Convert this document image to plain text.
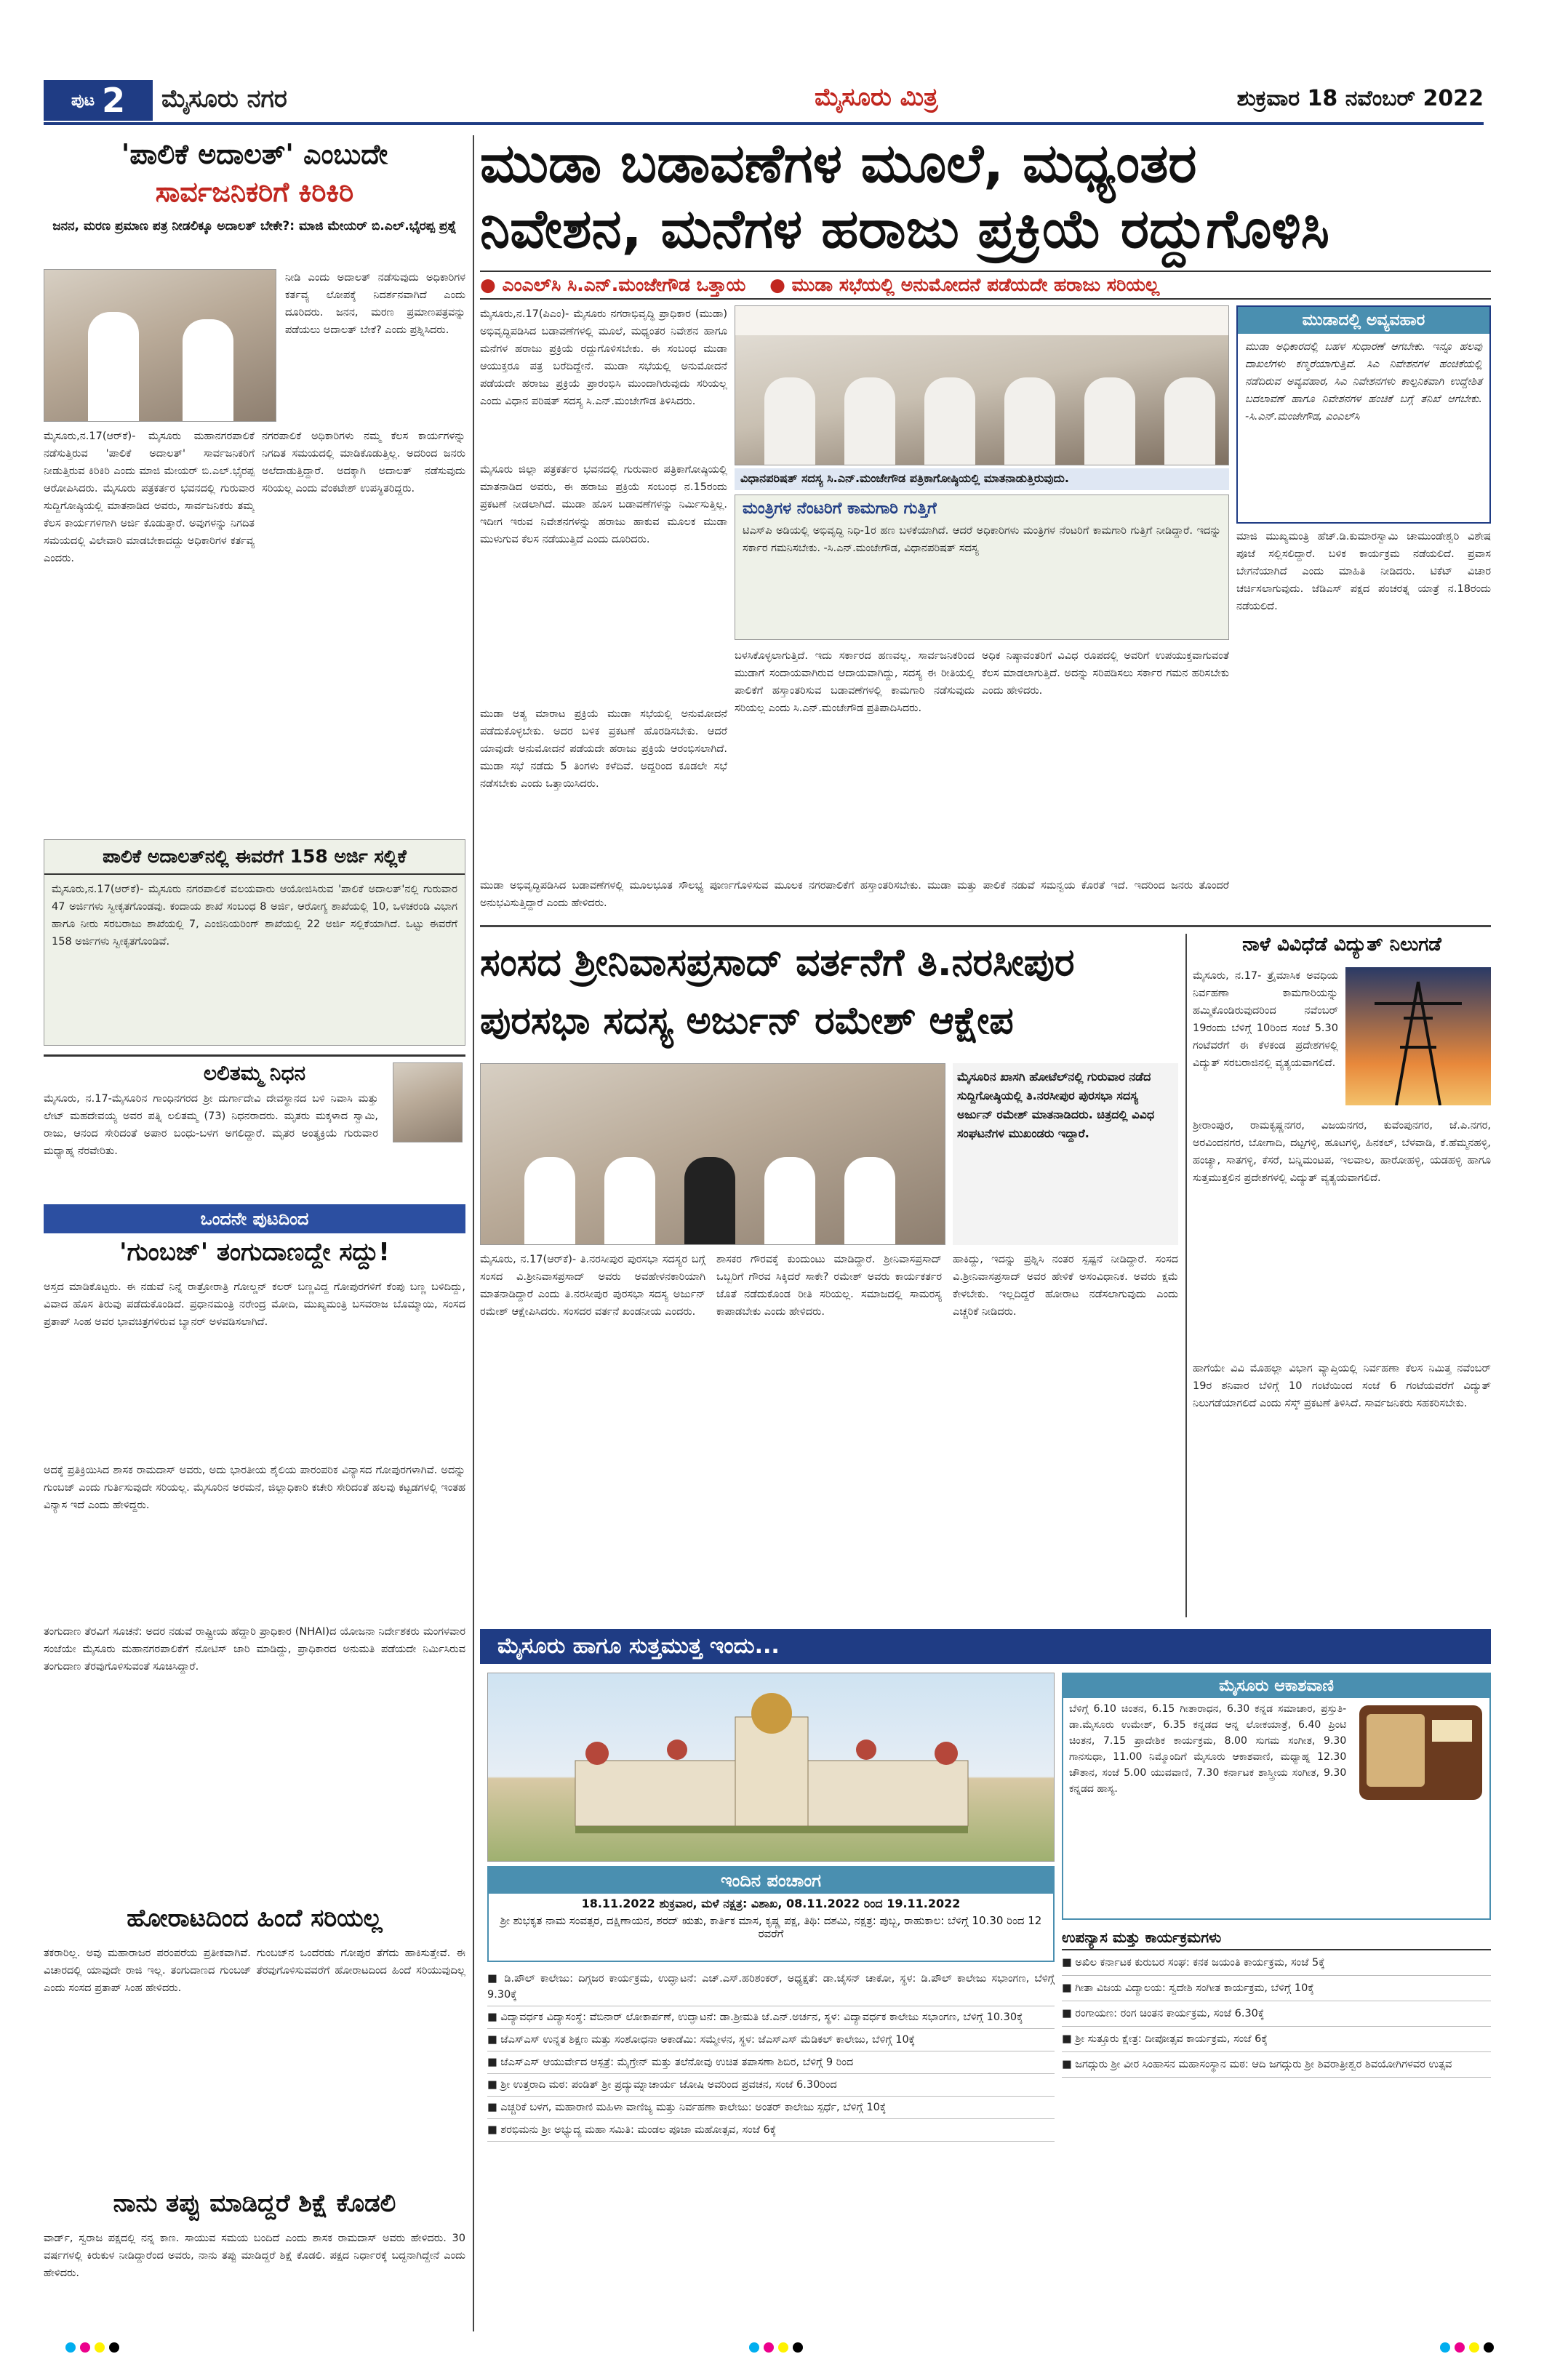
ಪುಟ 2 ಮೈಸೂರು ನಗರ	ಮೈಸೂರು ಮಿತ್ರ	ಶುಕ್ರವಾರ 18 ನವೆಂಬರ್ 2022
'ಪಾಲಿಕೆ ಅದಾಲತ್' ಎಂಬುದೇ
ಸಾರ್ವಜನಿಕರಿಗೆ ಕಿರಿಕಿರಿ
ಜನನ, ಮರಣ ಪ್ರಮಾಣ ಪತ್ರ ನೀಡಲಿಕ್ಕೂ ಅದಾಲತ್ ಬೇಕೇ?: ಮಾಜಿ ಮೇಯರ್ ಬಿ.ಎಲ್.ಭೈರಪ್ಪ ಪ್ರಶ್ನೆ
ನೀಡಿ ಎಂದು ಅದಾಲತ್ ನಡೆಸುವುದು ಅಧಿಕಾರಿಗಳ ಕರ್ತವ್ಯ ಲೋಪಕ್ಕೆ ನಿದರ್ಶನವಾಗಿದೆ ಎಂದು ದೂರಿದರು. ಜನನ, ಮರಣ ಪ್ರಮಾಣಪತ್ರವನ್ನು ಪಡೆಯಲು ಅದಾಲತ್ ಬೇಕೆ? ಎಂದು ಪ್ರಶ್ನಿಸಿದರು.
ಮೈಸೂರು,ನ.17(ಆರ್‌ಕೆ)- ಮೈಸೂರು ಮಹಾನಗರಪಾಲಿಕೆ ನಡೆಸುತ್ತಿರುವ 'ಪಾಲಿಕೆ ಅದಾಲತ್' ಸಾರ್ವಜನಿಕರಿಗೆ ನೀಡುತ್ತಿರುವ ಕಿರಿಕಿರಿ ಎಂದು ಮಾಜಿ ಮೇಯರ್ ಬಿ.ಎಲ್.ಭೈರಪ್ಪ ಆರೋಪಿಸಿದರು. ಮೈಸೂರು ಪತ್ರಕರ್ತರ ಭವನದಲ್ಲಿ ಗುರುವಾರ ಸುದ್ದಿಗೋಷ್ಠಿಯಲ್ಲಿ ಮಾತನಾಡಿದ ಅವರು, ಸಾರ್ವಜನಿಕರು ತಮ್ಮ ಕೆಲಸ ಕಾರ್ಯಗಳಿಗಾಗಿ ಅರ್ಜಿ ಕೊಡುತ್ತಾರೆ. ಅವುಗಳನ್ನು ನಿಗದಿತ ಸಮಯದಲ್ಲಿ ವಿಲೇವಾರಿ ಮಾಡಬೇಕಾದದ್ದು ಅಧಿಕಾರಿಗಳ ಕರ್ತವ್ಯ ಎಂದರು.
ನಗರಪಾಲಿಕೆ ಅಧಿಕಾರಿಗಳು ನಮ್ಮ ಕೆಲಸ ಕಾರ್ಯಗಳನ್ನು ನಿಗದಿತ ಸಮಯದಲ್ಲಿ ಮಾಡಿಕೊಡುತ್ತಿಲ್ಲ. ಅದರಿಂದ ಜನರು ಅಲೆದಾಡುತ್ತಿದ್ದಾರೆ. ಅದಕ್ಕಾಗಿ ಅದಾಲತ್ ನಡೆಸುವುದು ಸರಿಯಲ್ಲ ಎಂದು ವೆಂಕಟೇಶ್ ಉಪಸ್ಥಿತರಿದ್ದರು.
ಪಾಲಿಕೆ ಅದಾಲತ್‌ನಲ್ಲಿ ಈವರೆಗೆ 158 ಅರ್ಜಿ ಸಲ್ಲಿಕೆ
ಮೈಸೂರು,ನ.17(ಆರ್‌ಕೆ)- ಮೈಸೂರು ನಗರಪಾಲಿಕೆ ವಲಯವಾರು ಆಯೋಜಿಸಿರುವ 'ಪಾಲಿಕೆ ಅದಾಲತ್'ನಲ್ಲಿ ಗುರುವಾರ 47 ಅರ್ಜಿಗಳು ಸ್ವೀಕೃತಗೊಂಡವು. ಕಂದಾಯ ಶಾಖೆ ಸಂಬಂಧ 8 ಅರ್ಜಿ, ಆರೋಗ್ಯ ಶಾಖೆಯಲ್ಲಿ 10, ಒಳಚರಂಡಿ ವಿಭಾಗ ಹಾಗೂ ನೀರು ಸರಬರಾಜು ಶಾಖೆಯಲ್ಲಿ 7, ಎಂಜಿನಿಯರಿಂಗ್ ಶಾಖೆಯಲ್ಲಿ 22 ಅರ್ಜಿ ಸಲ್ಲಿಕೆಯಾಗಿದೆ. ಒಟ್ಟು ಈವರೆಗೆ 158 ಅರ್ಜಿಗಳು ಸ್ವೀಕೃತಗೊಂಡಿವೆ.
ಲಲಿತಮ್ಮ ನಿಧನ
ಮೈಸೂರು, ನ.17-ಮೈಸೂರಿನ ಗಾಂಧಿನಗರದ ಶ್ರೀ ದುರ್ಗಾದೇವಿ ದೇವಸ್ಥಾನದ ಬಳಿ ನಿವಾಸಿ ಮತ್ತು ಲೇಟ್ ಮಹದೇವಯ್ಯ ಅವರ ಪತ್ನಿ ಲಲಿತಮ್ಮ (73) ನಿಧನರಾದರು. ಮೃತರು ಮಕ್ಕಳಾದ ಸ್ವಾಮಿ, ರಾಜು, ಆನಂದ ಸೇರಿದಂತೆ ಅಪಾರ ಬಂಧು-ಬಳಗ ಅಗಲಿದ್ದಾರೆ. ಮೃತರ ಅಂತ್ಯಕ್ರಿಯೆ ಗುರುವಾರ ಮಧ್ಯಾಹ್ನ ನೆರವೇರಿತು.
ಒಂದನೇ ಪುಟದಿಂದ
'ಗುಂಬಜ್' ತಂಗುದಾಣದ್ದೇ ಸದ್ದು!
ಅಸ್ತದ ಮಾಡಿಕೊಟ್ಟರು. ಈ ನಡುವೆ ನಿನ್ನೆ ರಾತ್ರೋರಾತ್ರಿ ಗೋಲ್ಡನ್ ಕಲರ್ ಬಣ್ಣವಿದ್ದ ಗೋಪುರಗಳಿಗೆ ಕೆಂಪು ಬಣ್ಣ ಬಳಿದಿದ್ದು, ವಿವಾದ ಹೊಸ ತಿರುವು ಪಡೆದುಕೊಂಡಿದೆ. ಪ್ರಧಾನಮಂತ್ರಿ ನರೇಂದ್ರ ಮೋದಿ, ಮುಖ್ಯಮಂತ್ರಿ ಬಸವರಾಜ ಬೊಮ್ಮಾಯಿ, ಸಂಸದ ಪ್ರತಾಪ್ ಸಿಂಹ ಅವರ ಭಾವಚಿತ್ರಗಳಿರುವ ಬ್ಯಾನರ್ ಅಳವಡಿಸಲಾಗಿದೆ.
ಅದಕ್ಕೆ ಪ್ರತಿಕ್ರಿಯಿಸಿದ ಶಾಸಕ ರಾಮದಾಸ್ ಅವರು, ಅದು ಭಾರತೀಯ ಶೈಲಿಯ ಪಾರಂಪರಿಕ ವಿನ್ಯಾಸದ ಗೋಪುರಗಳಾಗಿವೆ. ಅದನ್ನು ಗುಂಬಜ್ ಎಂದು ಗುರ್ತಿಸುವುದೇ ಸರಿಯಲ್ಲ. ಮೈಸೂರಿನ ಅರಮನೆ, ಜಿಲ್ಲಾಧಿಕಾರಿ ಕಚೇರಿ ಸೇರಿದಂತೆ ಹಲವು ಕಟ್ಟಡಗಳಲ್ಲಿ ಇಂತಹ ವಿನ್ಯಾಸ ಇದೆ ಎಂದು ಹೇಳಿದ್ದರು.
ತಂಗುದಾಣ ತೆರವಿಗೆ ಸೂಚನೆ: ಅದರ ನಡುವೆ ರಾಷ್ಟ್ರೀಯ ಹೆದ್ದಾರಿ ಪ್ರಾಧಿಕಾರ (NHAI)ದ ಯೋಜನಾ ನಿರ್ದೇಶಕರು ಮಂಗಳವಾರ ಸಂಜೆಯೇ ಮೈಸೂರು ಮಹಾನಗರಪಾಲಿಕೆಗೆ ನೋಟಿಸ್ ಜಾರಿ ಮಾಡಿದ್ದು, ಪ್ರಾಧಿಕಾರದ ಅನುಮತಿ ಪಡೆಯದೇ ನಿರ್ಮಿಸಿರುವ ತಂಗುದಾಣ ತೆರವುಗೊಳಿಸುವಂತೆ ಸೂಚಿಸಿದ್ದಾರೆ.
ಹೋರಾಟದಿಂದ ಹಿಂದೆ ಸರಿಯಲ್ಲ
ತಕರಾರಿಲ್ಲ. ಅವು ಮಹಾರಾಜರ ಪರಂಪರೆಯ ಪ್ರತೀಕವಾಗಿವೆ. ಗುಂಬಜ್‌ನ ಒಂದೆರಡು ಗೋಪುರ ತೆಗೆದು ಹಾಕಿಸುತ್ತೇವೆ. ಈ ವಿಚಾರದಲ್ಲಿ ಯಾವುದೇ ರಾಜಿ ಇಲ್ಲ. ತಂಗುದಾಣದ ಗುಂಬಜ್ ತೆರವುಗೊಳಿಸುವವರೆಗೆ ಹೋರಾಟದಿಂದ ಹಿಂದೆ ಸರಿಯುವುದಿಲ್ಲ ಎಂದು ಸಂಸದ ಪ್ರತಾಪ್ ಸಿಂಹ ಹೇಳಿದರು.
ನಾನು ತಪ್ಪು ಮಾಡಿದ್ದರೆ ಶಿಕ್ಷೆ ಕೊಡಲಿ
ವಾರ್ಡ್, ಸ್ವರಾಜ ಪಕ್ಷದಲ್ಲಿ ನನ್ನ ಕಾಣ. ಸಾಯುವ ಸಮಯ ಬಂದಿದೆ ಎಂದು ಶಾಸಕ ರಾಮದಾಸ್ ಅವರು ಹೇಳಿದರು. 30 ವರ್ಷಗಳಲ್ಲಿ ಕಿರುಕುಳ ನೀಡಿದ್ದಾರೆಂದ ಅವರು, ನಾನು ತಪ್ಪು ಮಾಡಿದ್ದರೆ ಶಿಕ್ಷೆ ಕೊಡಲಿ. ಪಕ್ಷದ ನಿರ್ಧಾರಕ್ಕೆ ಬದ್ಧನಾಗಿದ್ದೇನೆ ಎಂದು ಹೇಳಿದರು.
ಮುಡಾ ಬಡಾವಣೆಗಳ ಮೂಲೆ, ಮಧ್ಯಂತರ
ನಿವೇಶನ, ಮನೆಗಳ ಹರಾಜು ಪ್ರಕ್ರಿಯೆ ರದ್ದುಗೊಳಿಸಿ
● ಎಂಎಲ್‌ಸಿ ಸಿ.ಎನ್.ಮಂಜೇಗೌಡ ಒತ್ತಾಯ ● ಮುಡಾ ಸಭೆಯಲ್ಲಿ ಅನುಮೋದನೆ ಪಡೆಯದೇ ಹರಾಜು ಸರಿಯಲ್ಲ
ಮೈಸೂರು,ನ.17(ಪಿಎಂ)- ಮೈಸೂರು ನಗರಾಭಿವೃದ್ಧಿ ಪ್ರಾಧಿಕಾರ (ಮುಡಾ) ಅಭಿವೃದ್ಧಿಪಡಿಸಿದ ಬಡಾವಣೆಗಳಲ್ಲಿ ಮೂಲೆ, ಮಧ್ಯಂತರ ನಿವೇಶನ ಹಾಗೂ ಮನೆಗಳ ಹರಾಜು ಪ್ರಕ್ರಿಯೆ ರದ್ದುಗೊಳಿಸಬೇಕು. ಈ ಸಂಬಂಧ ಮುಡಾ ಆಯುಕ್ತರೂ ಪತ್ರ ಬರೆದಿದ್ದೇನೆ. ಮುಡಾ ಸಭೆಯಲ್ಲಿ ಅನುಮೋದನೆ ಪಡೆಯದೇ ಹರಾಜು ಪ್ರಕ್ರಿಯೆ ಪ್ರಾರಂಭಿಸಿ ಮುಂದಾಗಿರುವುದು ಸರಿಯಲ್ಲ ಎಂದು ವಿಧಾನ ಪರಿಷತ್ ಸದಸ್ಯ ಸಿ.ಎನ್.ಮಂಜೇಗೌಡ ತಿಳಿಸಿದರು.
ವಿಧಾನಪರಿಷತ್ ಸದಸ್ಯ ಸಿ.ಎನ್.ಮಂಜೇಗೌಡ ಪತ್ರಿಕಾಗೋಷ್ಠಿಯಲ್ಲಿ ಮಾತನಾಡುತ್ತಿರುವುದು.
ಮೈಸೂರು ಜಿಲ್ಲಾ ಪತ್ರಕರ್ತರ ಭವನದಲ್ಲಿ ಗುರುವಾರ ಪತ್ರಿಕಾಗೋಷ್ಠಿಯಲ್ಲಿ ಮಾತನಾಡಿದ ಅವರು, ಈ ಹರಾಜು ಪ್ರಕ್ರಿಯೆ ಸಂಬಂಧ ನ.15ರಂದು ಪ್ರಕಟಣೆ ನೀಡಲಾಗಿದೆ. ಮುಡಾ ಹೊಸ ಬಡಾವಣೆಗಳನ್ನು ನಿರ್ಮಿಸುತ್ತಿಲ್ಲ. ಇದೀಗ ಇರುವ ನಿವೇಶನಗಳನ್ನು ಹರಾಜು ಹಾಕುವ ಮೂಲಕ ಮುಡಾ ಮುಳುಗುವ ಕೆಲಸ ನಡೆಯುತ್ತಿದೆ ಎಂದು ದೂರಿದರು.
ಮಂತ್ರಿಗಳ ನೆಂಟರಿಗೆ ಕಾಮಗಾರಿ ಗುತ್ತಿಗೆ
ಟಿಎಸ್‌ಪಿ ಅಡಿಯಲ್ಲಿ ಅಭಿವೃದ್ಧಿ ನಿಧಿ-1ರ ಹಣ ಬಳಕೆಯಾಗಿದೆ. ಆದರೆ ಅಧಿಕಾರಿಗಳು ಮಂತ್ರಿಗಳ ನೆಂಟರಿಗೆ ಕಾಮಗಾರಿ ಗುತ್ತಿಗೆ ನೀಡಿದ್ದಾರೆ. ಇದನ್ನು ಸರ್ಕಾರ ಗಮನಿಸಬೇಕು. -ಸಿ.ಎನ್.ಮಂಜೇಗೌಡ, ವಿಧಾನಪರಿಷತ್ ಸದಸ್ಯ
ಮುಡಾ ಅತ್ಯ ಮಾರಾಟ ಪ್ರಕ್ರಿಯೆ ಮುಡಾ ಸಭೆಯಲ್ಲಿ ಅನುಮೋದನೆ ಪಡೆದುಕೊಳ್ಳಬೇಕು. ಅದರ ಬಳಿಕ ಪ್ರಕಟಣೆ ಹೊರಡಿಸಬೇಕು. ಆದರೆ ಯಾವುದೇ ಅನುಮೋದನೆ ಪಡೆಯದೇ ಹರಾಜು ಪ್ರಕ್ರಿಯೆ ಆರಂಭಿಸಲಾಗಿದೆ. ಮುಡಾ ಸಭೆ ನಡೆದು 5 ತಿಂಗಳು ಕಳೆದಿವೆ. ಅದ್ದರಿಂದ ಕೂಡಲೇ ಸಭೆ ನಡೆಸಬೇಕು ಎಂದು ಒತ್ತಾಯಿಸಿದರು.
ಬಳಸಿಕೊಳ್ಳಲಾಗುತ್ತಿದೆ. ಇದು ಸರ್ಕಾರದ ಹಣವಲ್ಲ. ಸಾರ್ವಜನಿಕರಿಂದ ಮುಡಾಗೆ ಸಂದಾಯವಾಗಿರುವ ಆದಾಯವಾಗಿದ್ದು, ಸದಸ್ಯ ಈ ರೀತಿಯಲ್ಲಿ ಪಾಲಿಕೆಗೆ ಹಸ್ತಾಂತರಿಸುವ ಬಡಾವಣೆಗಳಲ್ಲಿ ಕಾಮಗಾರಿ ನಡೆಸುವುದು ಸರಿಯಲ್ಲ ಎಂದು ಸಿ.ಎನ್.ಮಂಜೇಗೌಡ ಪ್ರತಿಪಾದಿಸಿದರು.
ಅಧಿಕ ನಿಷ್ಠಾವಂತರಿಗೆ ವಿವಿಧ ರೂಪದಲ್ಲಿ ಅವರಿಗೆ ಉಪಯುಕ್ತವಾಗುವಂತೆ ಕೆಲಸ ಮಾಡಲಾಗುತ್ತಿದೆ. ಅದನ್ನು ಸರಿಪಡಿಸಲು ಸರ್ಕಾರ ಗಮನ ಹರಿಸಬೇಕು ಎಂದು ಹೇಳಿದರು.
ಮುಡಾ ಅಭಿವೃದ್ಧಿಪಡಿಸಿದ ಬಡಾವಣೆಗಳಲ್ಲಿ ಮೂಲಭೂತ ಸೌಲಭ್ಯ ಪೂರ್ಣಗೊಳಿಸುವ ಮೂಲಕ ನಗರಪಾಲಿಕೆಗೆ ಹಸ್ತಾಂತರಿಸಬೇಕು. ಮುಡಾ ಮತ್ತು ಪಾಲಿಕೆ ನಡುವೆ ಸಮನ್ವಯ ಕೊರತೆ ಇದೆ. ಇದರಿಂದ ಜನರು ತೊಂದರೆ ಅನುಭವಿಸುತ್ತಿದ್ದಾರೆ ಎಂದು ಹೇಳಿದರು.
ಮುಡಾದಲ್ಲಿ ಅವ್ಯವಹಾರ
ಮುಡಾ ಅಧಿಕಾರದಲ್ಲಿ ಬಹಳ ಸುಧಾರಣೆ ಆಗಬೇಕು. ಇನ್ನೂ ಹಲವು ದಾಖಲೆಗಳು ಕಣ್ಮರೆಯಾಗುತ್ತಿವೆ. ಸಿಎ ನಿವೇಶನಗಳ ಹಂಚಿಕೆಯಲ್ಲಿ ನಡೆದಿರುವ ಅವ್ಯವಹಾರ, ಸಿಎ ನಿವೇಶನಗಳು ಕಾಲ್ಪನಿಕವಾಗಿ ಉದ್ದೇಶಿತ ಬದಲಾವಣೆ ಹಾಗೂ ನಿವೇಶನಗಳ ಹಂಚಿಕೆ ಬಗ್ಗೆ ತನಿಖೆ ಆಗಬೇಕು. -ಸಿ.ಎನ್.ಮಂಜೇಗೌಡ, ಎಂಎಲ್‌ಸಿ
ಮಾಜಿ ಮುಖ್ಯಮಂತ್ರಿ ಹೆಚ್.ಡಿ.ಕುಮಾರಸ್ವಾಮಿ ಚಾಮುಂಡೇಶ್ವರಿ ವಿಶೇಷ ಪೂಜೆ ಸಲ್ಲಿಸಲಿದ್ದಾರೆ. ಬಳಿಕ ಕಾರ್ಯಕ್ರಮ ನಡೆಯಲಿದೆ. ಪ್ರವಾಸ ಬೇಗನೆಯಾಗಿದೆ ಎಂದು ಮಾಹಿತಿ ನೀಡಿದರು. ಟಿಕೆಟ್ ವಿಚಾರ ಚರ್ಚಿಸಲಾಗುವುದು. ಜೆಡಿಎಸ್ ಪಕ್ಷದ ಪಂಚರತ್ನ ಯಾತ್ರೆ ನ.18ರಂದು ನಡೆಯಲಿದೆ.
ಸಂಸದ ಶ್ರೀನಿವಾಸಪ್ರಸಾದ್ ವರ್ತನೆಗೆ ತಿ.ನರಸೀಪುರ
ಪುರಸಭಾ ಸದಸ್ಯ ಅರ್ಜುನ್ ರಮೇಶ್ ಆಕ್ಷೇಪ
ಮೈಸೂರಿನ ಖಾಸಗಿ ಹೋಟೆಲ್‌ನಲ್ಲಿ ಗುರುವಾರ ನಡೆದ ಸುದ್ದಿಗೋಷ್ಠಿಯಲ್ಲಿ ತಿ.ನರಸೀಪುರ ಪುರಸಭಾ ಸದಸ್ಯ ಅರ್ಜುನ್ ರಮೇಶ್ ಮಾತನಾಡಿದರು. ಚಿತ್ರದಲ್ಲಿ ವಿವಿಧ ಸಂಘಟನೆಗಳ ಮುಖಂಡರು ಇದ್ದಾರೆ.
ಮೈಸೂರು, ನ.17(ಆರ್‌ಕೆ)- ತಿ.ನರಸೀಪುರ ಪುರಸಭಾ ಸದಸ್ಯರ ಬಗ್ಗೆ ಸಂಸದ ವಿ.ಶ್ರೀನಿವಾಸಪ್ರಸಾದ್ ಅವರು ಅವಹೇಳನಕಾರಿಯಾಗಿ ಮಾತನಾಡಿದ್ದಾರೆ ಎಂದು ತಿ.ನರಸೀಪುರ ಪುರಸಭಾ ಸದಸ್ಯ ಅರ್ಜುನ್ ರಮೇಶ್ ಆಕ್ಷೇಪಿಸಿದರು. ಸಂಸದರ ವರ್ತನೆ ಖಂಡನೀಯ ಎಂದರು.
ಶಾಸಕರ ಗೌರವಕ್ಕೆ ಕುಂದುಂಟು ಮಾಡಿದ್ದಾರೆ. ಶ್ರೀನಿವಾಸಪ್ರಸಾದ್ ಒಬ್ಬರಿಗೆ ಗೌರವ ಸಿಕ್ಕಿದರೆ ಸಾಕೇ? ರಮೇಶ್ ಅವರು ಕಾರ್ಯಕರ್ತರ ಜೊತೆ ನಡೆದುಕೊಂಡ ರೀತಿ ಸರಿಯಲ್ಲ. ಸಮಾಜದಲ್ಲಿ ಸಾಮರಸ್ಯ ಕಾಪಾಡಬೇಕು ಎಂದು ಹೇಳಿದರು.
ಹಾಕಿದ್ದು, ಇದನ್ನು ಪ್ರಶ್ನಿಸಿ ನಂತರ ಸ್ಪಷ್ಟನೆ ನೀಡಿದ್ದಾರೆ. ಸಂಸದ ವಿ.ಶ್ರೀನಿವಾಸಪ್ರಸಾದ್ ಅವರ ಹೇಳಿಕೆ ಅಸಂವಿಧಾನಿಕ. ಅವರು ಕ್ಷಮೆ ಕೇಳಬೇಕು. ಇಲ್ಲದಿದ್ದರೆ ಹೋರಾಟ ನಡೆಸಲಾಗುವುದು ಎಂದು ಎಚ್ಚರಿಕೆ ನೀಡಿದರು.
ನಾಳೆ ವಿವಿಧೆಡೆ ವಿದ್ಯುತ್ ನಿಲುಗಡೆ
ಮೈಸೂರು, ನ.17- ತ್ರೈಮಾಸಿಕ ಅವಧಿಯ ನಿರ್ವಹಣಾ ಕಾಮಗಾರಿಯನ್ನು ಹಮ್ಮಿಕೊಂಡಿರುವುದರಿಂದ ನವೆಂಬರ್ 19ರಂದು ಬೆಳಿಗ್ಗೆ 10ರಿಂದ ಸಂಜೆ 5.30 ಗಂಟೆವರೆಗೆ ಈ ಕೆಳಕಂಡ ಪ್ರದೇಶಗಳಲ್ಲಿ ವಿದ್ಯುತ್ ಸರಬರಾಜಿನಲ್ಲಿ ವ್ಯತ್ಯಯವಾಗಲಿದೆ.
ಶ್ರೀರಾಂಪುರ, ರಾಮಕೃಷ್ಣನಗರ, ವಿಜಯನಗರ, ಕುವೆಂಪುನಗರ, ಜೆ.ಪಿ.ನಗರ, ಅರವಿಂದನಗರ, ಬೋಗಾದಿ, ದಟ್ಟಗಳ್ಳಿ, ಹೂಟಗಳ್ಳಿ, ಹಿನಕಲ್, ಬೆಳವಾಡಿ, ಕೆ.ಹೆಮ್ಮನಹಳ್ಳಿ, ಹಂಚ್ಯಾ, ಸಾತಗಳ್ಳಿ, ಕೆಸರೆ, ಬನ್ನಿಮಂಟಪ, ಇಲವಾಲ, ಹಾರೋಹಳ್ಳಿ, ಯಡಹಳ್ಳಿ ಹಾಗೂ ಸುತ್ತಮುತ್ತಲಿನ ಪ್ರದೇಶಗಳಲ್ಲಿ ವಿದ್ಯುತ್ ವ್ಯತ್ಯಯವಾಗಲಿದೆ.
ಹಾಗೆಯೇ ವಿವಿ ಮೊಹಲ್ಲಾ ವಿಭಾಗ ವ್ಯಾಪ್ತಿಯಲ್ಲಿ ನಿರ್ವಹಣಾ ಕೆಲಸ ನಿಮಿತ್ತ ನವೆಂಬರ್ 19ರ ಶನಿವಾರ ಬೆಳಿಗ್ಗೆ 10 ಗಂಟೆಯಿಂದ ಸಂಜೆ 6 ಗಂಟೆಯವರೆಗೆ ವಿದ್ಯುತ್ ನಿಲುಗಡೆಯಾಗಲಿದೆ ಎಂದು ಸೆಸ್ಕ್ ಪ್ರಕಟಣೆ ತಿಳಿಸಿದೆ. ಸಾರ್ವಜನಿಕರು ಸಹಕರಿಸಬೇಕು.
ಮೈಸೂರು ಹಾಗೂ ಸುತ್ತಮುತ್ತ ಇಂದು...
ಇಂದಿನ ಪಂಚಾಂಗ
18.11.2022 ಶುಕ್ರವಾರ, ಮಳೆ ನಕ್ಷತ್ರ: ವಿಶಾಖ, 08.11.2022 ರಿಂದ 19.11.2022
ಶ್ರೀ ಶುಭಕೃತ ನಾಮ ಸಂವತ್ಸರ, ದಕ್ಷಿಣಾಯನ, ಶರದ್ ಋತು, ಕಾರ್ತಿಕ ಮಾಸ, ಕೃಷ್ಣ ಪಕ್ಷ, ತಿಥಿ: ದಶಮಿ, ನಕ್ಷತ್ರ: ಪುಬ್ಬ, ರಾಹುಕಾಲ: ಬೆಳಿಗ್ಗೆ 10.30 ರಿಂದ 12 ರವರೆಗೆ
■ ಡಿ.ಪೌಲ್ ಕಾಲೇಜು: ದಿಗ್ಗಜರ ಕಾರ್ಯಕ್ರಮ, ಉದ್ಘಾಟನೆ: ಎಚ್.ಎಸ್.ಹರಿಶಂಕರ್, ಅಧ್ಯಕ್ಷತೆ: ಡಾ.ಜೈಸನ್ ಚಾಕೋ, ಸ್ಥಳ: ಡಿ.ಪೌಲ್ ಕಾಲೇಜು ಸಭಾಂಗಣ, ಬೆಳಿಗ್ಗೆ 9.30ಕ್ಕೆ
■ ವಿದ್ಯಾವರ್ಧಕ ವಿದ್ಯಾಸಂಸ್ಥೆ: ವೆಬಿನಾರ್ ಲೋಕಾರ್ಪಣೆ, ಉದ್ಘಾಟನೆ: ಡಾ.ಶ್ರೀಮತಿ ಜೆ.ಎನ್.ಅರ್ಚನ, ಸ್ಥಳ: ವಿದ್ಯಾವರ್ಧಕ ಕಾಲೇಜು ಸಭಾಂಗಣ, ಬೆಳಿಗ್ಗೆ 10.30ಕ್ಕೆ
■ ಜೆಎಸ್‌ಎಸ್ ಉನ್ನತ ಶಿಕ್ಷಣ ಮತ್ತು ಸಂಶೋಧನಾ ಅಕಾಡೆಮಿ: ಸಮ್ಮೇಳನ, ಸ್ಥಳ: ಜೆಎಸ್‌ಎಸ್ ಮೆಡಿಕಲ್ ಕಾಲೇಜು, ಬೆಳಿಗ್ಗೆ 10ಕ್ಕೆ
■ ಜೆಎಸ್‌ಎಸ್ ಆಯುರ್ವೇದ ಆಸ್ಪತ್ರೆ: ಮೈಗ್ರೇನ್ ಮತ್ತು ತಲೆನೋವು ಉಚಿತ ತಪಾಸಣಾ ಶಿಬಿರ, ಬೆಳಿಗ್ಗೆ 9 ರಿಂದ
■ ಶ್ರೀ ಉತ್ತರಾದಿ ಮಠ: ಪಂಡಿತ್ ಶ್ರೀ ಪ್ರದ್ಯುಮ್ನಾಚಾರ್ಯ ಜೋಷಿ ಅವರಿಂದ ಪ್ರವಚನ, ಸಂಜೆ 6.30ರಿಂದ
■ ಎಚ್ಚರಿಕೆ ಬಳಗ, ಮಹಾರಾಣಿ ಮಹಿಳಾ ವಾಣಿಜ್ಯ ಮತ್ತು ನಿರ್ವಹಣಾ ಕಾಲೇಜು: ಅಂತರ್ ಕಾಲೇಜು ಸ್ಪರ್ಧೆ, ಬೆಳಿಗ್ಗೆ 10ಕ್ಕೆ
■ ಶರಭಿಮನು ಶ್ರೀ ಅಭ್ಯುದ್ಯ ಮಹಾ ಸಮಿತಿ: ಮಂಡಲ ಪೂಜಾ ಮಹೋತ್ಸವ, ಸಂಜೆ 6ಕ್ಕೆ
ಮೈಸೂರು ಆಕಾಶವಾಣಿ
ಬೆಳಿಗ್ಗೆ 6.10 ಚಿಂತನ, 6.15 ಗೀತಾರಾಧನ, 6.30 ಕನ್ನಡ ಸಮಾಚಾರ, ಪ್ರಸ್ತುತಿ- ಡಾ.ಮೈಸೂರು ಉಮೇಶ್, 6.35 ಕನ್ನಡದ ಆನ್ನ ಲೋಕಯಾತ್ರೆ, 6.40 ಪ್ರಿಂಟಿ ಚಿಂತನ, 7.15 ಪ್ರಾದೇಶಿಕ ಕಾರ್ಯಕ್ರಮ, 8.00 ಸುಗಮ ಸಂಗೀತ, 9.30 ಗಾನಸುಧಾ, 11.00 ನಿಮ್ಮೊಂದಿಗೆ ಮೈಸೂರು ಆಕಾಶವಾಣಿ, ಮಧ್ಯಾಹ್ನ 12.30 ಚೌತಾನ, ಸಂಜೆ 5.00 ಯುವವಾಣಿ, 7.30 ಕರ್ನಾಟಕ ಶಾಸ್ತ್ರೀಯ ಸಂಗೀತ, 9.30 ಕನ್ನಡದ ಹಾಸ್ಯ.
ಉಪನ್ಯಾಸ ಮತ್ತು ಕಾರ್ಯಕ್ರಮಗಳು
■ ಅಖಿಲ ಕರ್ನಾಟಕ ಕುರುಬರ ಸಂಘ: ಕನಕ ಜಯಂತಿ ಕಾರ್ಯಕ್ರಮ, ಸಂಜೆ 5ಕ್ಕೆ
■ ಗೀತಾ ವಿಜಯ ವಿದ್ಯಾಲಯ: ಸ್ವದೇಶಿ ಸಂಗೀತ ಕಾರ್ಯಕ್ರಮ, ಬೆಳಿಗ್ಗೆ 10ಕ್ಕೆ
■ ರಂಗಾಯಣ: ರಂಗ ಚಿಂತನ ಕಾರ್ಯಕ್ರಮ, ಸಂಜೆ 6.30ಕ್ಕೆ
■ ಶ್ರೀ ಸುತ್ತೂರು ಕ್ಷೇತ್ರ: ದೀಪೋತ್ಸವ ಕಾರ್ಯಕ್ರಮ, ಸಂಜೆ 6ಕ್ಕೆ
■ ಜಗದ್ಗುರು ಶ್ರೀ ವೀರ ಸಿಂಹಾಸನ ಮಹಾಸಂಸ್ಥಾನ ಮಠ: ಆದಿ ಜಗದ್ಗುರು ಶ್ರೀ ಶಿವರಾತ್ರೀಶ್ವರ ಶಿವಯೋಗಿಗಳವರ ಉತ್ಸವ
